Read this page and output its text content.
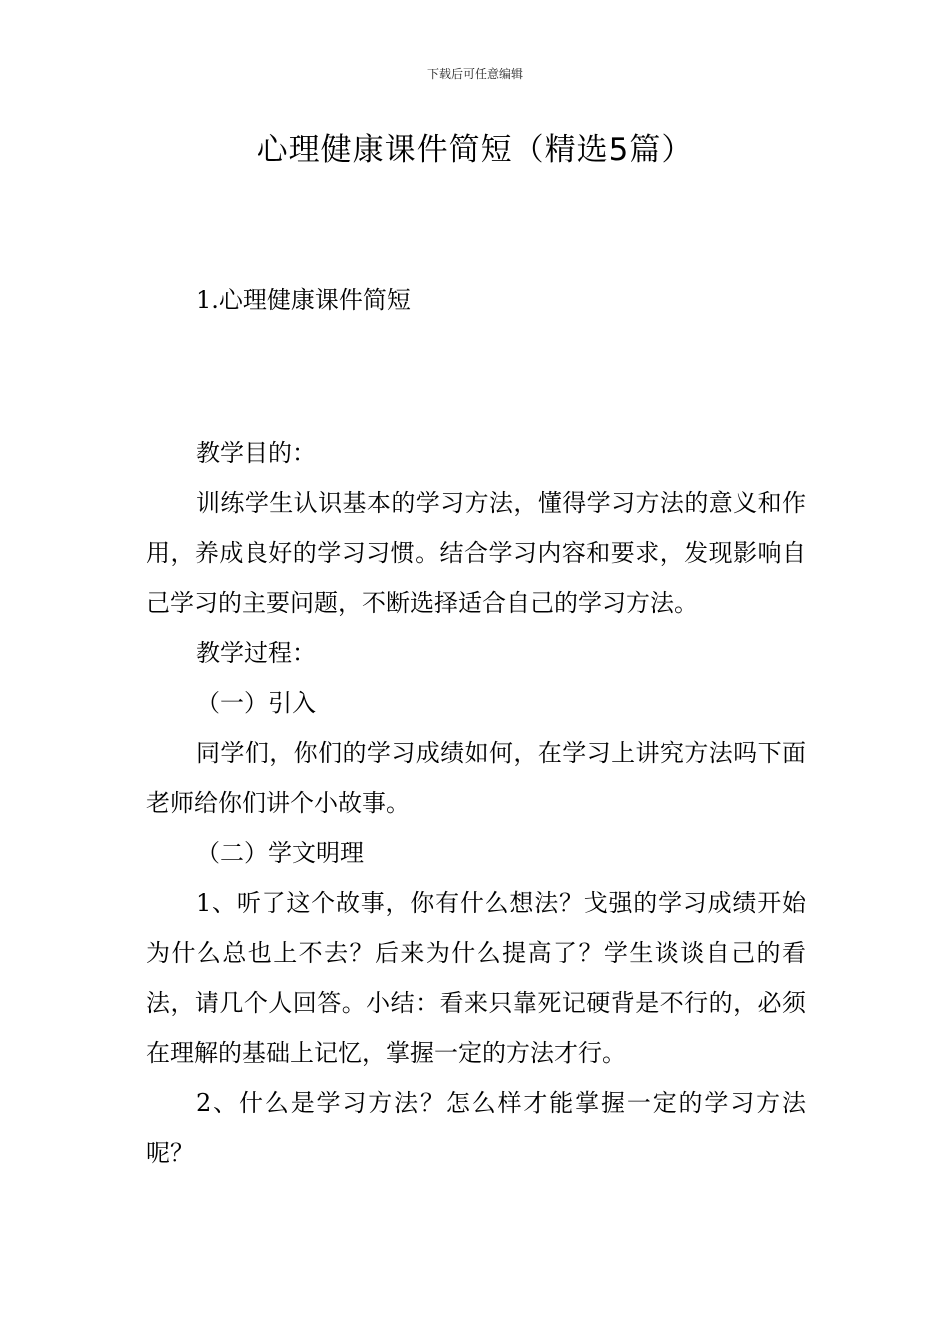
下载后可任意编辑
心理健康课件简短（精选5篇）
1.心理健康课件简短

教学目的：

训练学生认识基本的学习方法，懂得学习方法的意义和作用，养成良好的学习习惯。结合学习内容和要求，发现影响自己学习的主要问题，不断选择适合自己的学习方法。

教学过程：

（一）引入

同学们，你们的学习成绩如何，在学习上讲究方法吗下面老师给你们讲个小故事。

（二）学文明理

1、听了这个故事，你有什么想法？戈强的学习成绩开始为什么总也上不去？后来为什么提高了？学生谈谈自己的看法，请几个人回答。小结：看来只靠死记硬背是不行的，必须在理解的基础上记忆，掌握一定的方法才行。

2、什么是学习方法？怎么样才能掌握一定的学习方法呢？
